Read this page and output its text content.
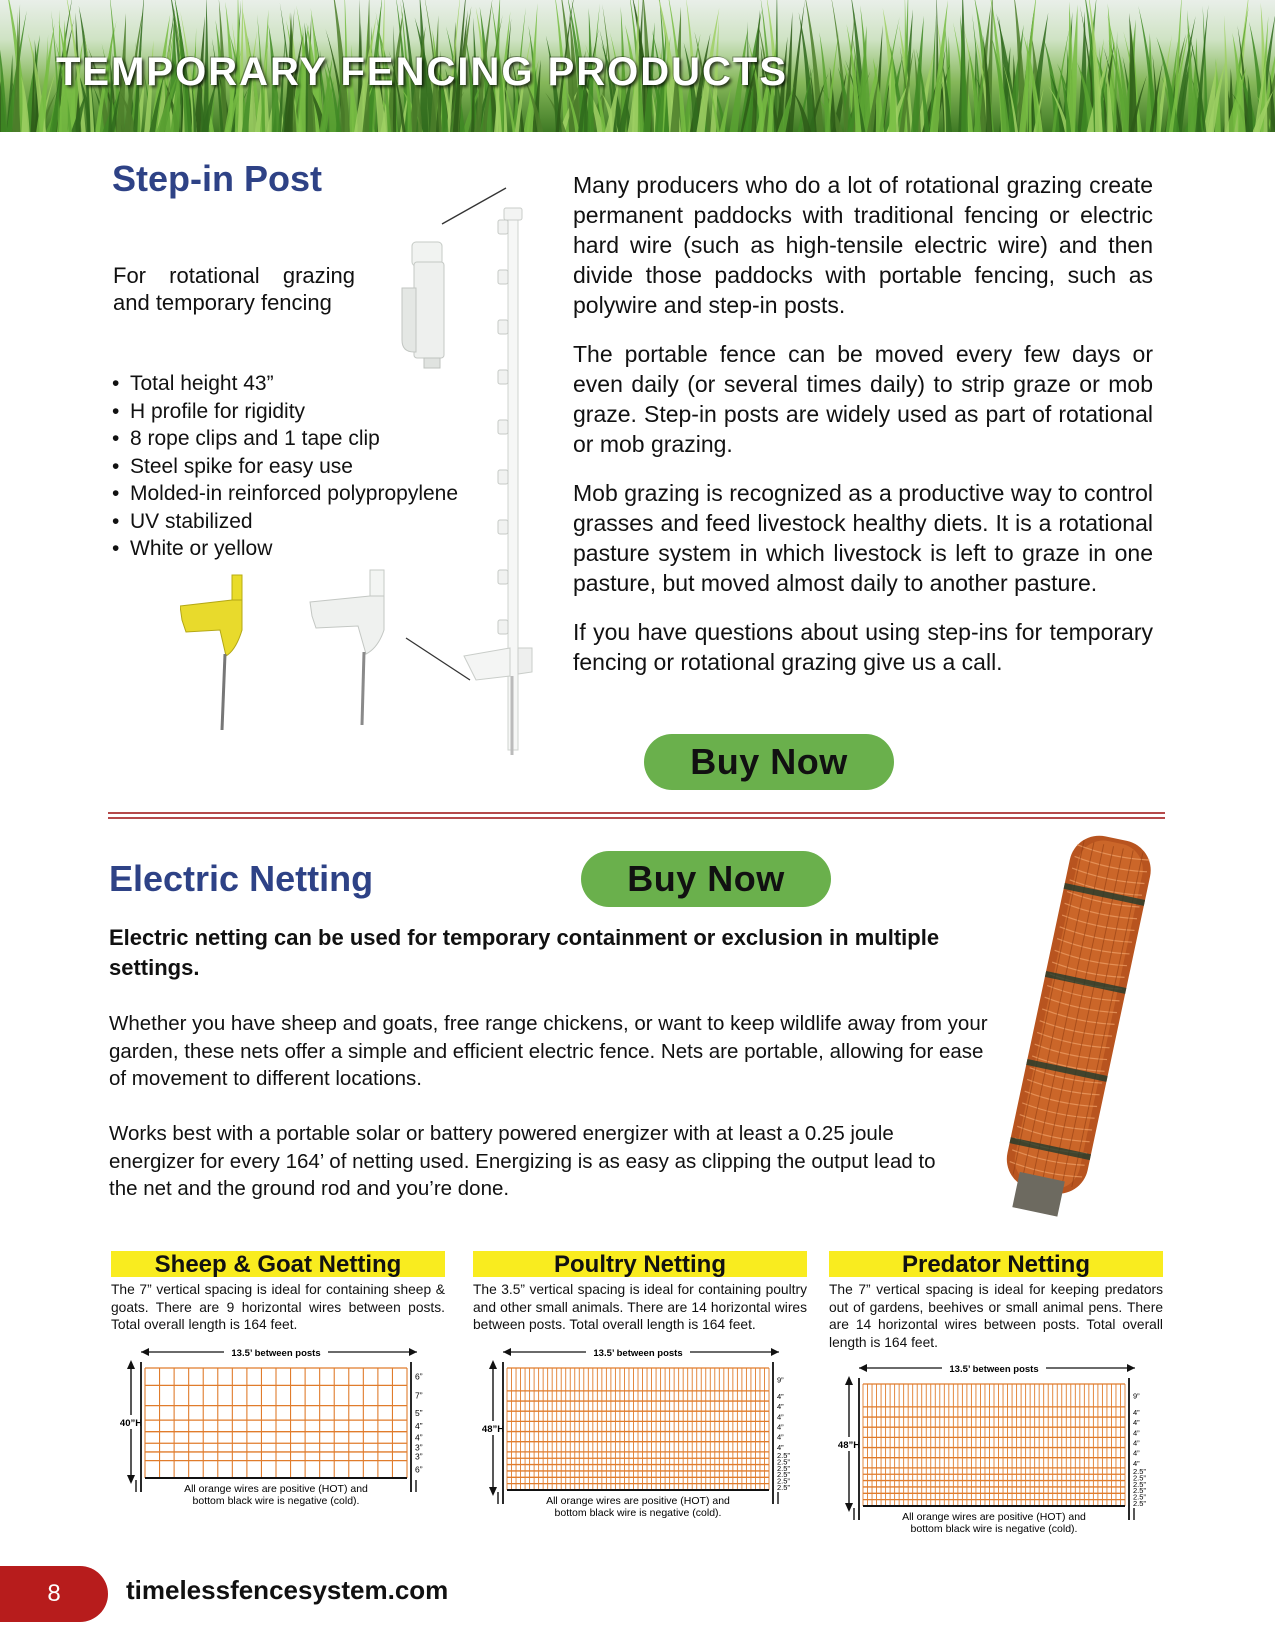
TEMPORARY FENCING PRODUCTS
Step-in Post
For rotational grazing and temporary fencing
• Total height 43”
• H profile for rigidity
• 8 rope clips and 1 tape clip
• Steel spike for easy use
• Molded-in reinforced polypropylene
• UV stabilized
• White or yellow

Many producers who do a lot of rotational grazing create permanent paddocks with traditional fencing or electric hard wire (such as high-tensile electric wire) and then divide those paddocks with portable fencing, such as polywire and step-in posts.

The portable fence can be moved every few days or even daily (or several times daily) to strip graze or mob graze. Step-in posts are widely used as part of rotational or mob grazing.

Mob grazing is recognized as a productive way to control grasses and feed livestock healthy diets. It is a rotational pasture system in which livestock is left to graze in one pasture, but moved almost daily to another pasture.

If you have questions about using step-ins for temporary fencing or rotational grazing give us a call.

Buy Now
Electric Netting	Buy Now
Electric netting can be used for temporary containment or exclusion in multiple settings.
Whether you have sheep and goats, free range chickens, or want to keep wildlife away from your garden, these nets offer a simple and efficient electric fence. Nets are portable, allowing for ease of movement to different locations.
Works best with a portable solar or battery powered energizer with at least a 0.25 joule energizer for every 164’ of netting used. Energizing is as easy as clipping the output lead to the net and the ground rod and you’re done.
Sheep & Goat Netting
The 7” vertical spacing is ideal for containing sheep & goats. There are 9 horizontal wires between posts. Total overall length is 164 feet.
Poultry Netting
The 3.5” vertical spacing is ideal for containing poultry and other small animals. There are 14 horizontal wires between posts. Total overall length is 164 feet.
Predator Netting
The 7” vertical spacing is ideal for keeping predators out of gardens, beehives or small animal pens. There are 14 horizontal wires between posts. Total overall length is 164 feet.
13.5’ between posts
40”H
6”
7”
5”
4”
4”
3”
3”
6”
All orange wires are positive (HOT) and bottom black wire is negative (cold).
13.5’ between posts
48”H
9”
4”
4”
4”
4”
4”
4”
2.5”
2.5”
2.5”
2.5”
2.5”
2.5”
All orange wires are positive (HOT) and bottom black wire is negative (cold).
13.5’ between posts
48”H
9”
4”
4”
4”
4”
4”
4”
2.5”
2.5”
2.5”
2.5”
2.5”
2.5”
All orange wires are positive (HOT) and bottom black wire is negative (cold).
8	timelessfencesystem.com
